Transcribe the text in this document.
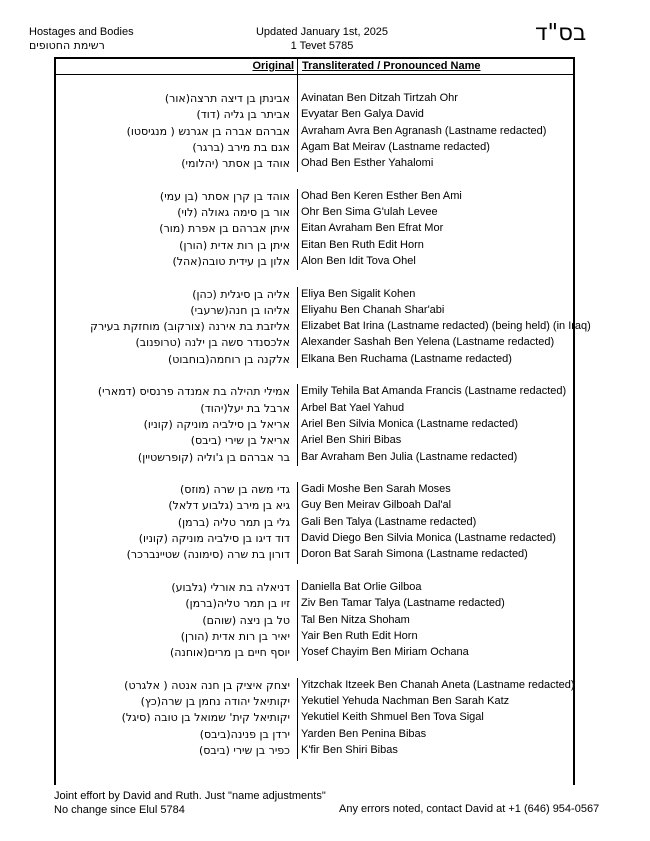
Hostages and Bodies
רשימת החטופים
Updated January 1st, 2025
1 Tevet 5785	בס"ד
Original Transliterated / Pronounced Name
אבינתן בן דיצה תרצה(אור) Avinatan Ben Ditzah Tirtzah Ohr
אביתר בן גליה (דוד) Evyatar Ben Galya David
אברהם אברה בן אגרנש ( מנגיסטו) Avraham Avra Ben Agranash (Lastname redacted)
אגם בת מירב (ברגר) Agam Bat Meirav (Lastname redacted)
אוהד בן אסתר (יהלומי) Ohad Ben Esther Yahalomi
אוהד בן קרן אסתר (בן עמי) Ohad Ben Keren Esther Ben Ami
אור בן סימה גאולה (לוי) Ohr Ben Sima G'ulah Levee
איתן אברהם בן אפרת (מור) Eitan Avraham Ben Efrat Mor
איתן בן רות אדית (הורן) Eitan Ben Ruth Edit Horn
אלון בן עידית טובה(אהל) Alon Ben Idit Tova Ohel
אליה בן סיגלית (כהן) Eliya Ben Sigalit Kohen
אליהו בן חנה(שרעבי) Eliyahu Ben Chanah Shar'abi
אליזבת בת אירנה (צורקוב) מוחזקת בעירק Elizabet Bat Irina (Lastname redacted) (being held) (in Iraq)
אלכסנדר סשה בן ילנה (טרופנוב) Alexander Sashah Ben Yelena (Lastname redacted)
אלקנה בן רוחמה(בוחבוט) Elkana Ben Ruchama (Lastname redacted)
אמילי תהילה בת אמנדה פרנסיס (דמארי) Emily Tehila Bat Amanda Francis (Lastname redacted)
ארבל בת יעל(יהוד) Arbel Bat Yael Yahud
אריאל בן סילביה מוניקה (קוניו) Ariel Ben Silvia Monica (Lastname redacted)
אריאל בן שירי (ביבס) Ariel Ben Shiri Bibas
בר אברהם בן ג'וליה (קופרשטיין) Bar Avraham Ben Julia (Lastname redacted)
גדי משה בן שרה (מוזס) Gadi Moshe Ben Sarah Moses
גיא בן מירב (גלבוע דלאל) Guy Ben Meirav Gilboah Dal'al
גלי בן תמר טליה (ברמן) Gali Ben Talya (Lastname redacted)
דוד דיגו בן סילביה מוניקה (קוניו) David Diego Ben Silvia Monica (Lastname redacted)
דורון בת שרה (סימונה) שטיינברכר) Doron Bat Sarah Simona (Lastname redacted)
דניאלה בת אורלי (גלבוע) Daniella Bat Orlie Gilboa
זיו בן תמר טליה(ברמן) Ziv Ben Tamar Talya (Lastname redacted)
טל בן ניצה (שוהם) Tal Ben Nitza Shoham
יאיר בן רות אדית (הורן) Yair Ben Ruth Edit Horn
יוסף חיים בן מרים(אוחנה) Yosef Chayim Ben Miriam Ochana
יצחק איציק בן חנה אנטה ( אלגרט) Yitzchak Itzeek Ben Chanah Aneta (Lastname redacted)
יקותיאל יהודה נחמן בן שרה(כץ) Yekutiel Yehuda Nachman Ben Sarah Katz
יקותיאל קית' שמואל בן טובה (סיגל) Yekutiel Keith Shmuel Ben Tova Sigal
ירדן בן פנינה(ביבס) Yarden Ben Penina Bibas
כפיר בן שירי (ביבס) K'fir Ben Shiri Bibas
Joint effort by David and Ruth. Just "name adjustments"
No change since Elul 5784	Any errors noted, contact David at +1 (646) 954-0567
